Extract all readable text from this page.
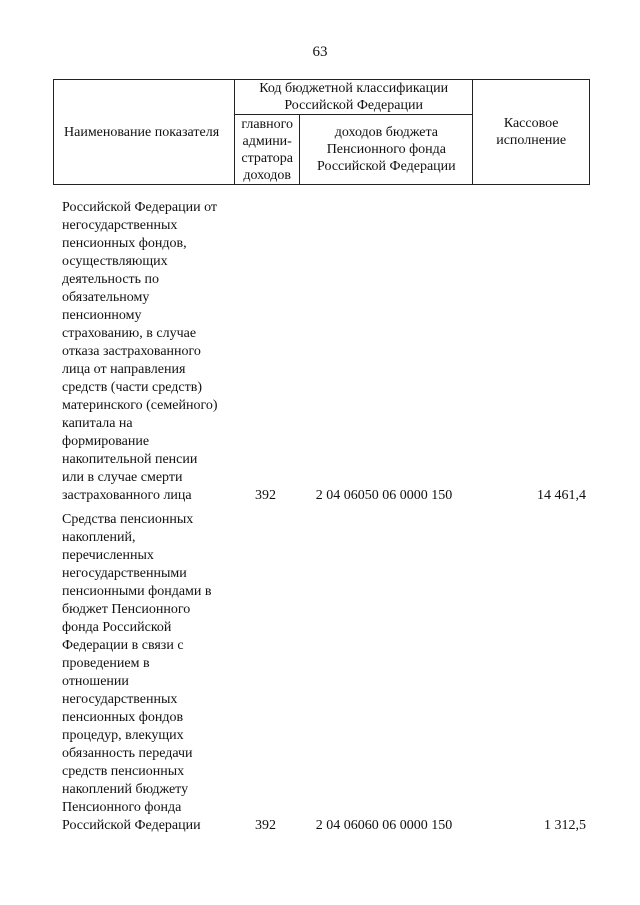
63
Наименование показателя	Код бюджетной классификации Российской Федерации		Кассовое исполнение
	главного админи-стратора доходов	доходов бюджета Пенсионного фонда Российской Федерации	
Российской Федерации от
негосударственных
пенсионных фондов,
осуществляющих
деятельность по
обязательному
пенсионному
страхованию, в случае
отказа застрахованного
лица от направления
средств (части средств)
материнского (семейного)
капитала на
формирование
накопительной пенсии
или в случае смерти
застрахованного лица	392	2 04 06050 06 0000 150	14 461,4
Средства пенсионных
накоплений,
перечисленных
негосударственными
пенсионными фондами в
бюджет Пенсионного
фонда Российской
Федерации в связи с
проведением в
отношении
негосударственных
пенсионных фондов
процедур, влекущих
обязанность передачи
средств пенсионных
накоплений бюджету
Пенсионного фонда
Российской Федерации	392	2 04 06060 06 0000 150	1 312,5
